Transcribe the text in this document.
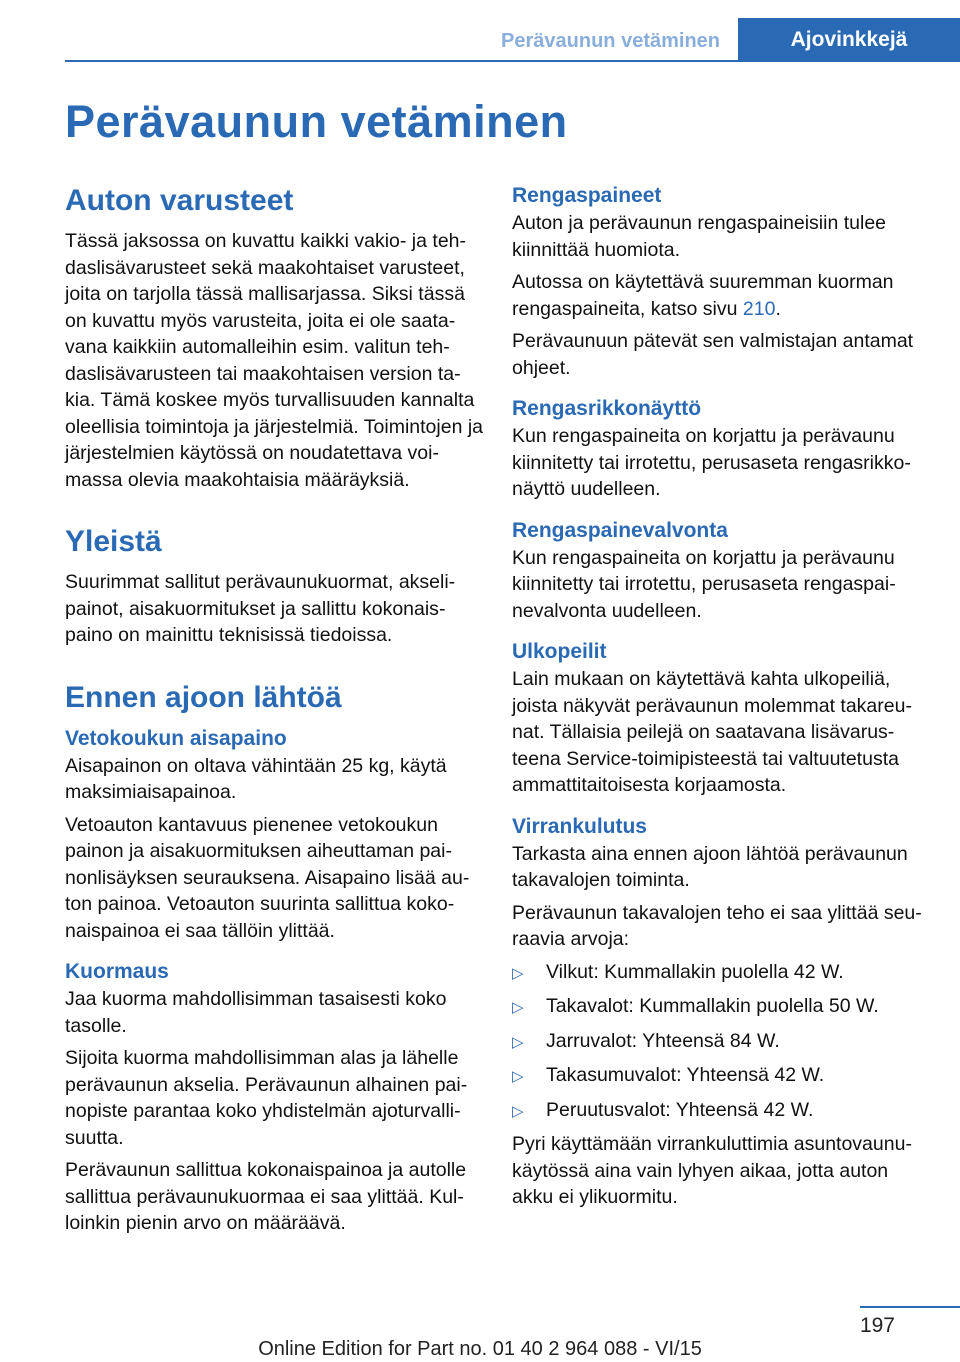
Perävaunun vetäminen	Ajovinkkejä
Perävaunun vetäminen
Auton varusteet

Tässä jaksossa on kuvattu kaikki vakio- ja tehdaslisävarusteet sekä maakohtaiset varusteet, joita on tarjolla tässä mallisarjassa. Siksi tässä on kuvattu myös varusteita, joita ei ole saatavana kaikkiin automalleihin esim. valitun tehdaslisävarusteen tai maakohtaisen version takia. Tämä koskee myös turvallisuuden kannalta oleellisia toimintoja ja järjestelmiä. Toimintojen ja järjestelmien käytössä on noudatettava voimassa olevia maakohtaisia määräyksiä.

Yleistä

Suurimmat sallitut perävaunukuormat, akselipainot, aisakuormitukset ja sallittu kokonaispaino on mainittu teknisissä tiedoissa.

Ennen ajoon lähtöä
Vetokoukun aisapaino

Aisapainon on oltava vähintään 25 kg, käytä maksimiaisapainoa.

Vetoauton kantavuus pienenee vetokoukun painon ja aisakuormituksen aiheuttaman painonlisäyksen seurauksena. Aisapaino lisää auton painoa. Vetoauton suurinta sallittua kokonaispainoa ei saa tällöin ylittää.

Kuormaus

Jaa kuorma mahdollisimman tasaisesti koko tasolle.

Sijoita kuorma mahdollisimman alas ja lähelle perävaunun akselia. Perävaunun alhainen painopiste parantaa koko yhdistelmän ajoturvallisuutta.

Perävaunun sallittua kokonaispainoa ja autolle sallittua perävaunukuormaa ei saa ylittää. Kulloinkin pienin arvo on määräävä.

Rengaspaineet

Auton ja perävaunun rengaspaineisiin tulee kiinnittää huomiota.

Autossa on käytettävä suuremman kuorman rengaspaineita, katso sivu 210.

Perävaunuun pätevät sen valmistajan antamat ohjeet.

Rengasrikkonäyttö

Kun rengaspaineita on korjattu ja perävaunu kiinnitetty tai irrotettu, perusaseta rengasrikkonäyttö uudelleen.

Rengaspainevalvonta

Kun rengaspaineita on korjattu ja perävaunu kiinnitetty tai irrotettu, perusaseta rengaspainevalvonta uudelleen.

Ulkopeilit

Lain mukaan on käytettävä kahta ulkopeiliä, joista näkyvät perävaunun molemmat takareunat. Tällaisia peilejä on saatavana lisävarusteena Service-toimipisteestä tai valtuutetusta ammattitaitoisesta korjaamosta.

Virrankulutus

Tarkasta aina ennen ajoon lähtöä perävaunun takavalojen toiminta.

Perävaunun takavalojen teho ei saa ylittää seuraavia arvoja:

▷	Vilkut: Kummallakin puolella 42 W.
▷	Takavalot: Kummallakin puolella 50 W.
▷	Jarruvalot: Yhteensä 84 W.
▷	Takasumuvalot: Yhteensä 42 W.
▷	Peruutusvalot: Yhteensä 42 W.

Pyri käyttämään virrankuluttimia asuntovaunukäytössä aina vain lyhyen aikaa, jotta auton akku ei ylikuormitu.

197
Online Edition for Part no. 01 40 2 964 088 - VI/15
